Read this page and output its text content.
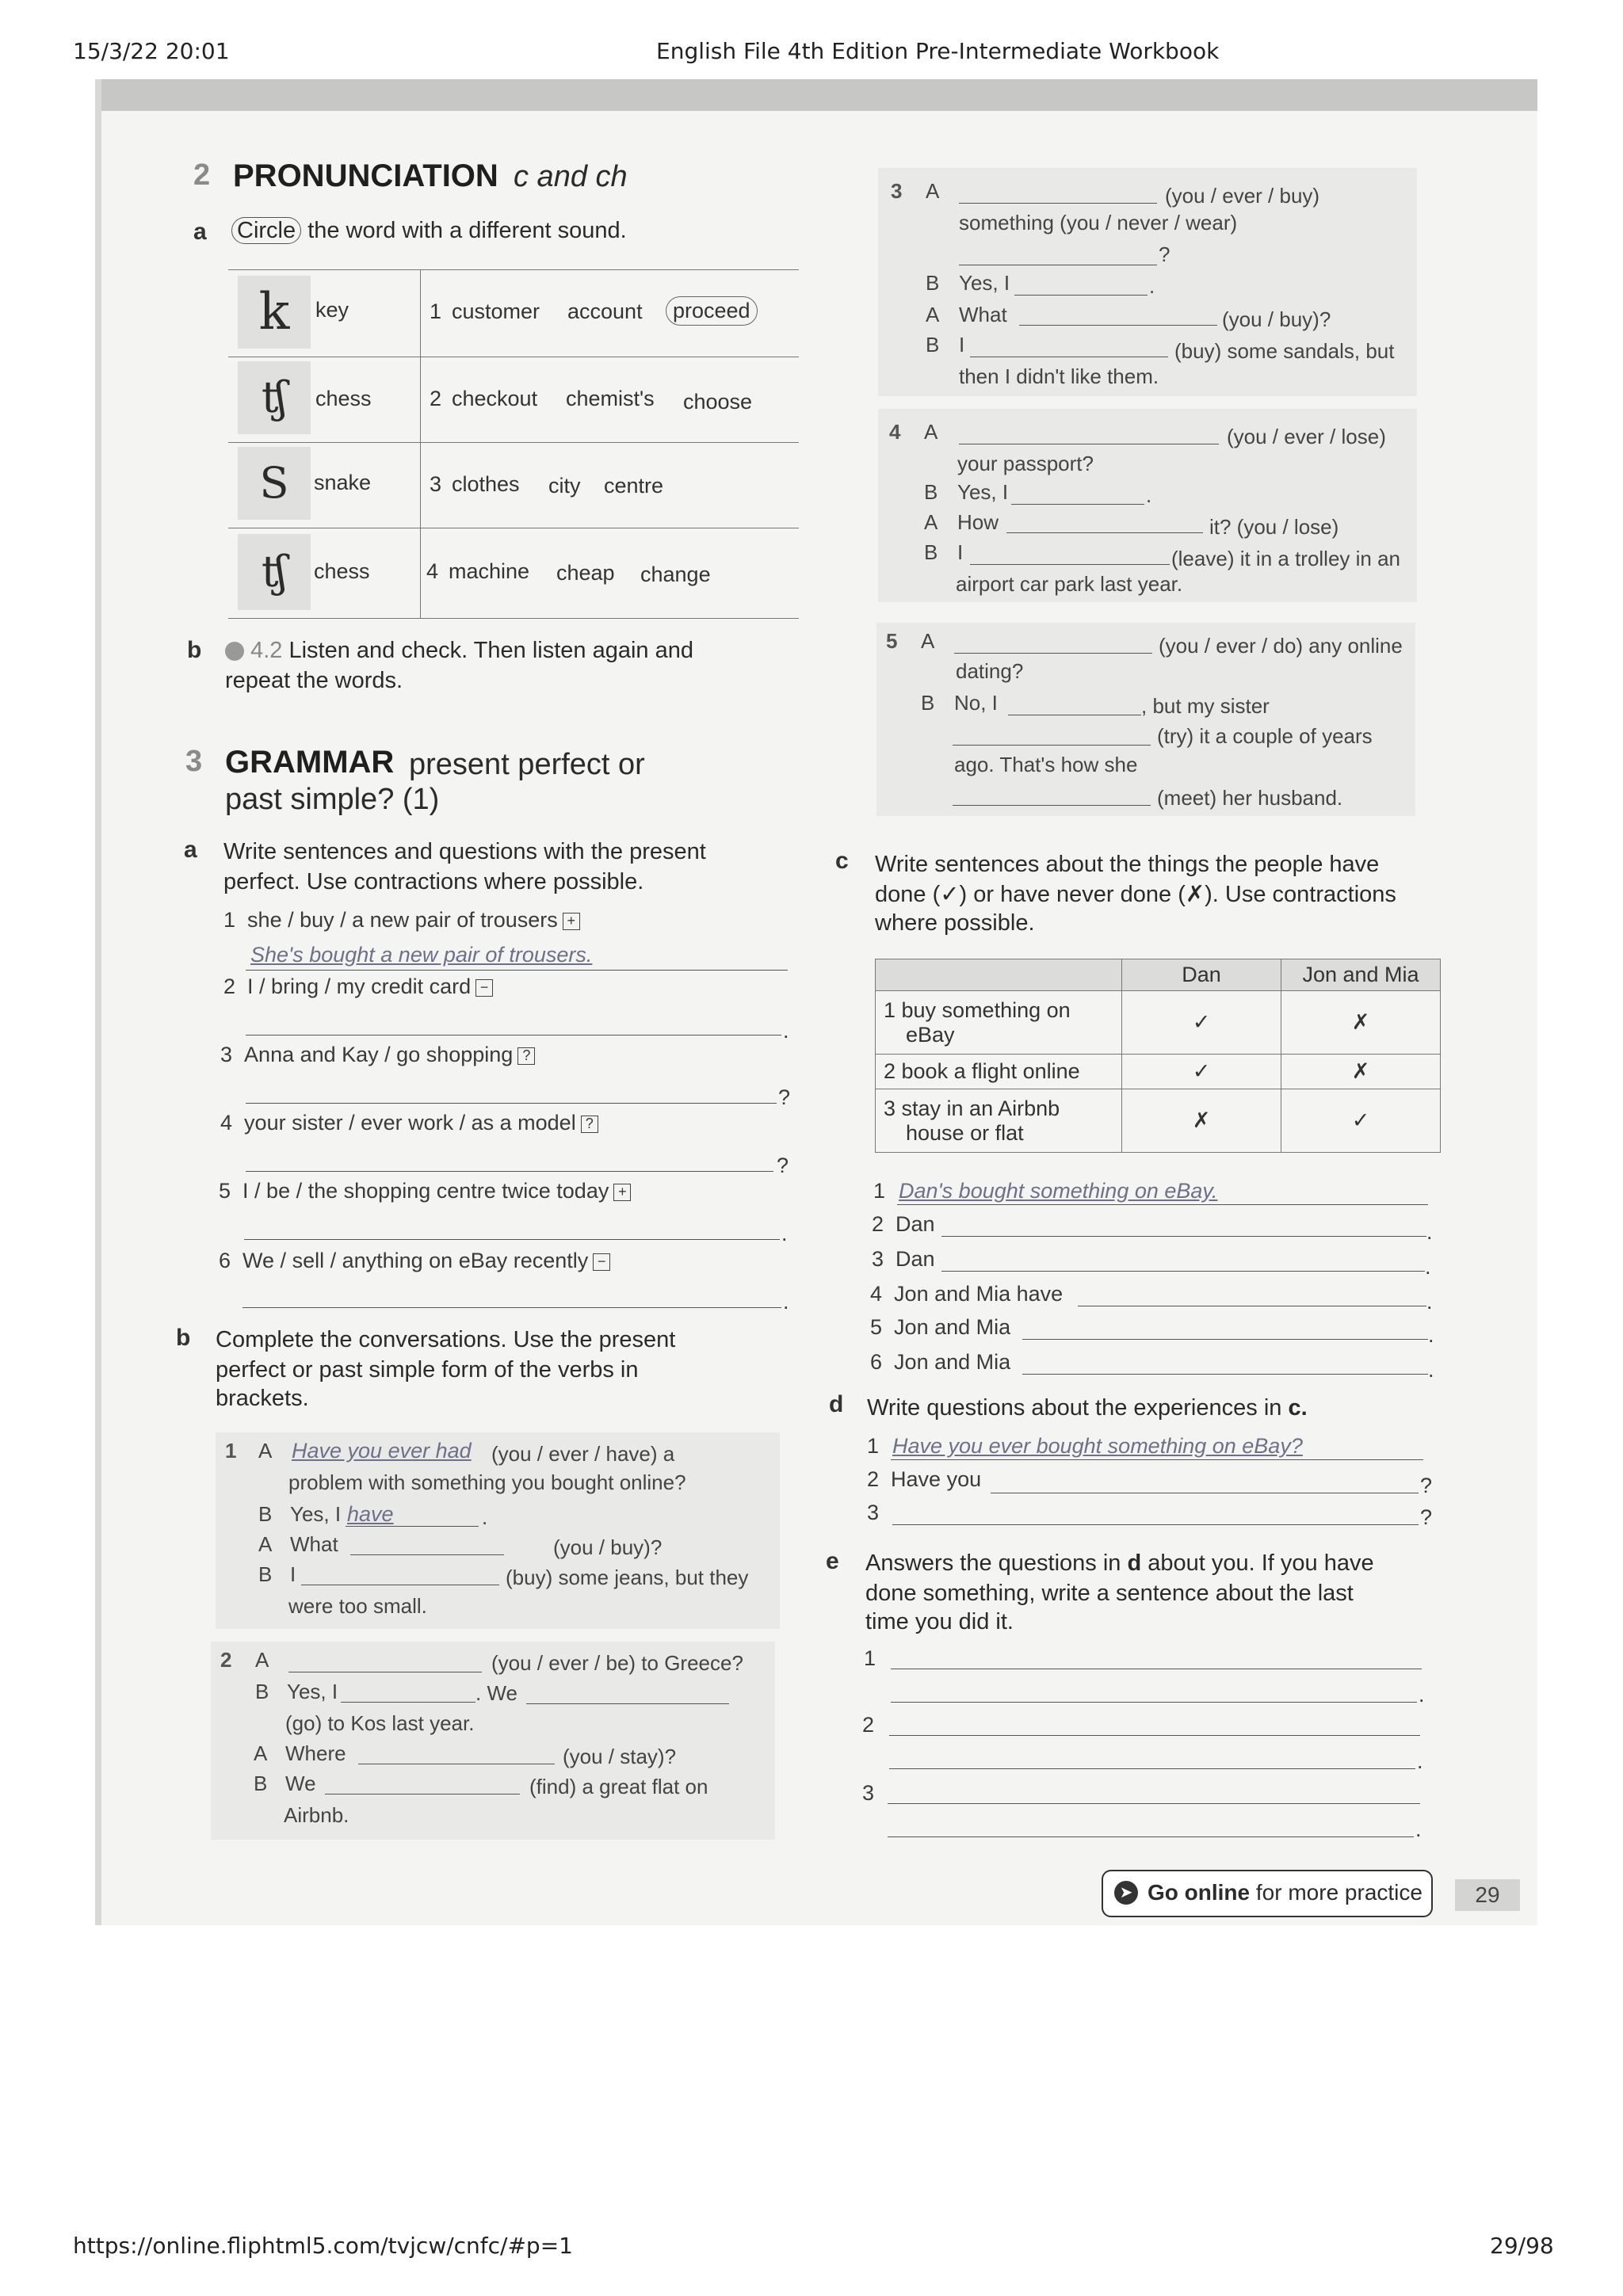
15/3/22 20:01	English File 4th Edition Pre-Intermediate Workbook
2 PRONUNCIATION c and ch
a Circle the word with a different sound.
k	key	1 customer account	proceed
ʧ	chess	2 checkout chemist's choose
S	snake	3 clothes city centre
ʧ	chess	4 machine cheap change
b	4.2 Listen and check. Then listen again and
repeat the words.
3 GRAMMAR present perfect or
past simple? (1)
a Write sentences and questions with the present
perfect. Use contractions where possible.
1 she / buy / a new pair of trousers +
She's bought a new pair of trousers.
2 I / bring / my credit card −
.
3 Anna and Kay / go shopping ?
?
4 your sister / ever work / as a model ?
?
5 I / be / the shopping centre twice today +
.
6 We / sell / anything on eBay recently −
.
b Complete the conversations. Use the present
perfect or past simple form of the verbs in
brackets.
1 A Have you ever had (you / ever / have) a
problem with something you bought online?
B Yes, I have	.
A What	(you / buy)?
B I	(buy) some jeans, but they
were too small.
2 A	(you / ever / be) to Greece?
B Yes, I	. We
(go) to Kos last year.
A Where	(you / stay)?
B We	(find) a great flat on
Airbnb.
3 A	(you / ever / buy)
something (you / never / wear)
?
B Yes, I	.
A What	(you / buy)?
B I	(buy) some sandals, but
then I didn't like them.
4 A	(you / ever / lose)
your passport?
B Yes, I	.
A How	it? (you / lose)
B I	(leave) it in a trolley in an
airport car park last year.
5 A	(you / ever / do) any online
dating?
B No, I	, but my sister
(try) it a couple of years
ago. That's how she
(meet) her husband.
c Write sentences about the things the people have
done (✓) or have never done (✗). Use contractions
where possible.
	Dan	Jon and Mia

1 buy something on
eBay	✓	✗

2 book a flight online	✓	✗

3 stay in an Airbnb
house or flat	✗	✓
1 Dan's bought something on eBay.
2 Dan	.
3 Dan	.
4 Jon and Mia have	.
5 Jon and Mia	.
6 Jon and Mia	.
d Write questions about the experiences in c.
1 Have you ever bought something on eBay?
2 Have you	?
3	?
e Answers the questions in d about you. If you have
done something, write a sentence about the last
time you did it.
1
.
2
.
3
.
➤ Go online for more practice	29
https://online.fliphtml5.com/tvjcw/cnfc/#p=1	29/98
